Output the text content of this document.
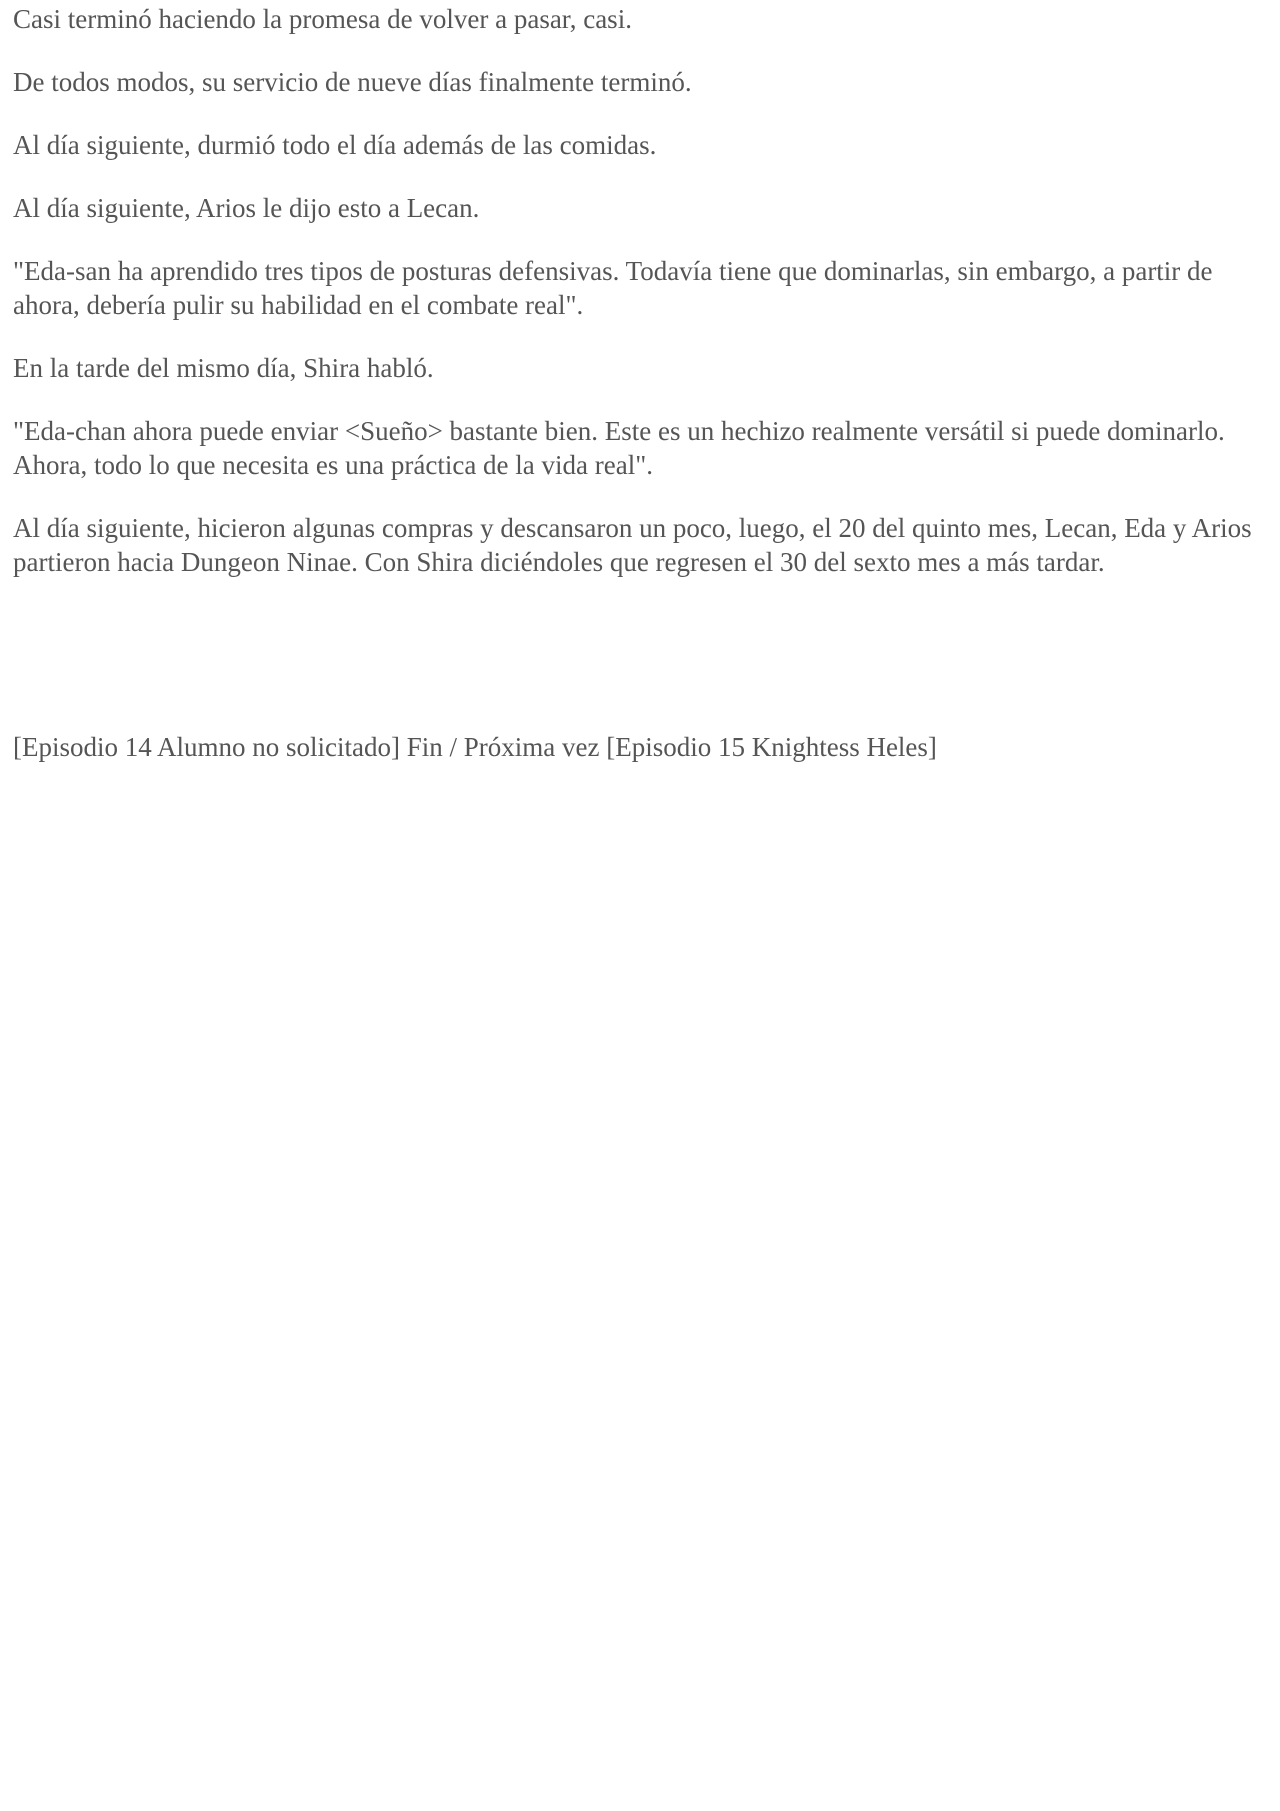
Casi terminó haciendo la promesa de volver a pasar, casi.

De todos modos, su servicio de nueve días finalmente terminó.

Al día siguiente, durmió todo el día además de las comidas.

Al día siguiente, Arios le dijo esto a Lecan.

"Eda-san ha aprendido tres tipos de posturas defensivas. Todavía tiene que dominarlas, sin embargo, a partir de ahora, debería pulir su habilidad en el combate real".

En la tarde del mismo día, Shira habló.

"Eda-chan ahora puede enviar <Sueño> bastante bien. Este es un hechizo realmente versátil si puede dominarlo. Ahora, todo lo que necesita es una práctica de la vida real".

Al día siguiente, hicieron algunas compras y descansaron un poco, luego, el 20 del quinto mes, Lecan, Eda y Arios partieron hacia Dungeon Ninae. Con Shira diciéndoles que regresen el 30 del sexto mes a más tardar.

[Episodio 14 Alumno no solicitado] Fin / Próxima vez [Episodio 15 Knightess Heles]
